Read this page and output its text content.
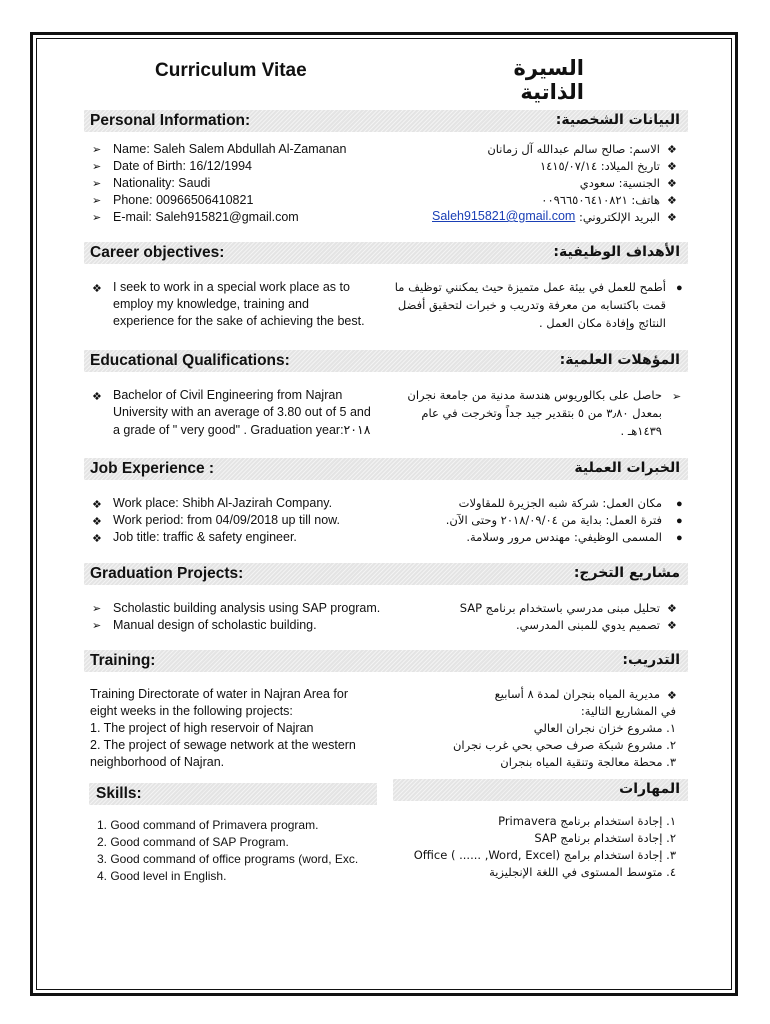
Curriculum Vitae	السيرة الذاتية
Personal Information:	البيانات الشخصية:
➢
➢
➢
➢
➢
Name: Saleh Salem Abdullah Al-Zamanan
Date of Birth: 16/12/1994
Nationality: Saudi
Phone: 00966506410821
E-mail: Saleh915821@gmail.com
❖
❖
❖
❖
❖
الاسم: صالح سالم عبدالله آل زمانان
تاريخ الميلاد: ١٤١٥/٠٧/١٤
الجنسية: سعودي
هاتف: ٠٠٩٦٦٥٠٦٤١٠٨٢١
البريد الإلكتروني:
Saleh915821@gmail.com
Career objectives:	الأهداف الوظيفية:
❖ I seek to work in a special work place as to
employ my knowledge, training and
experience for the sake of achieving the best.
●
أطمح للعمل في بيئة عمل متميزة حيث يمكنني توظيف ما
قمت باكتسابه من معرفة وتدريب و خبرات لتحقيق أفضل
النتائج وإفادة مكان العمل .
Educational Qualifications:	المؤهلات العلمية:
❖ Bachelor of Civil Engineering from Najran
University with an average of 3.80 out of 5 and
a grade of " very good" . Graduation year:٢٠١٨
➢
حاصل على بكالوريوس هندسة مدنية من جامعة نجران
بمعدل ٣٫٨٠ من ٥ بتقدير جيد جداً وتخرجت في عام
١٤٣٩هـ .
Job Experience :	الخبرات العملية
❖
❖
❖
Work place: Shibh Al-Jazirah Company.
Work period: from 04/09/2018 up till now.
Job title: traffic & safety engineer.
●
●
●
مكان العمل: شركة شبه الجزيرة للمقاولات
فترة العمل: بداية من ٢٠١٨/٠٩/٠٤ وحتى الآن.
المسمى الوظيفي: مهندس مرور وسلامة.
Graduation Projects:	مشاريع التخرج:
➢
➢
Scholastic building analysis using SAP program.
Manual design of scholastic building.
❖
❖
تحليل مبنى مدرسي باستخدام برنامج SAP
تصميم يدوي للمبنى المدرسي.
Training:	التدريب:
Training Directorate of water in Najran Area for
eight weeks in the following projects:
1. The project of high reservoir of Najran
2. The project of sewage network at the western
neighborhood of Najran.
❖
مديرية المياه بنجران لمدة ٨ أسابيع
في المشاريع التالية:
١. مشروع خزان نجران العالي
٢. مشروع شبكة صرف صحي بحي غرب نجران
٣. محطة معالجة وتنقية المياه بنجران
Skills:	المهارات
1. Good command of Primavera program.
2. Good command of SAP Program.
3. Good command of office programs (word, Exc.
4. Good level in English.
١. إجادة استخدام برنامج Primavera
٢. إجادة استخدام برنامج SAP
٣. إجادة استخدام برامج Office ( ...... ,Word, Excel)
٤. متوسط المستوى في اللغة الإنجليزية
